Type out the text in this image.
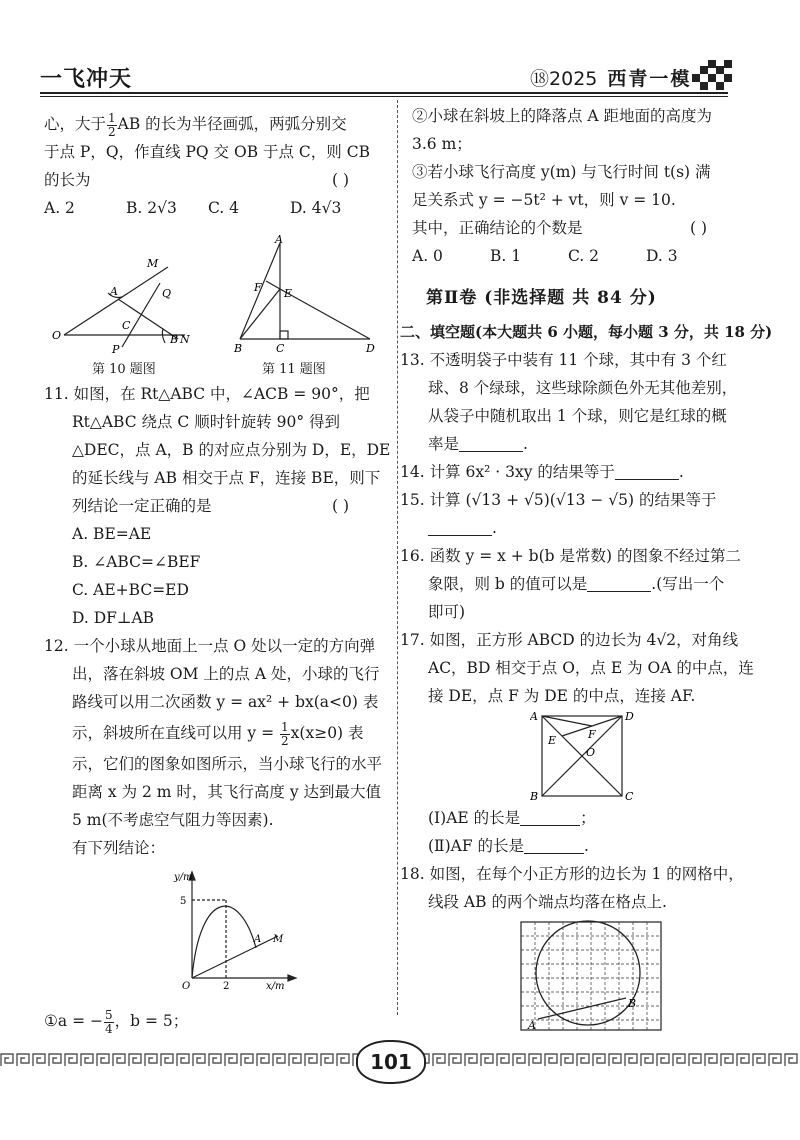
一飞冲天	⑱2025 西青一模
心，大于 $\frac{1}{2}$ AB 的长为半径画弧，两弧分别交
于点 P，Q，作直线 PQ 交 OB 于点 C，则 CB
的长为	( )
A. 2	B. 2√3	C. 4	D. 4√3
M
A	Q
O
C
B N
P
第 10 题图
A
F E
B	C	D
第 11 题图
11. 如图，在 Rt△ABC 中，∠ACB = 90°，把
Rt△ABC 绕点 C 顺时针旋转 90° 得到
△DEC，点 A，B 的对应点分别为 D，E，DE
的延长线与 AB 相交于点 F，连接 BE，则下
列结论一定正确的是	( )
A. BE=AE
B. ∠ABC=∠BEF
C. AE+BC=ED
D. DF⊥AB
12. 一个小球从地面上一点 O 处以一定的方向弹
出，落在斜坡 OM 上的点 A 处，小球的飞行
路线可以用二次函数 y = ax² + bx(a<0) 表
示，斜坡所在直线可以用 $y = \frac{1}{2} x(x\ge 0)$ 表
示，它们的图象如图所示，当小球飞行的水平
距离 x 为 2 m 时，其飞行高度 y 达到最大值
5 m(不考虑空气阻力等因素).
有下列结论：
y/m
5
O	2	x/m
A M
①a = − $\frac{5}{4}$ ，b = 5；
②小球在斜坡上的降落点 A 距地面的高度为
3.6 m；
③若小球飞行高度 y(m) 与飞行时间 t(s) 满
足关系式 y = −5t² + vt，则 v = 10.
其中，正确结论的个数是	( )
A. 0	B. 1	C. 2	D. 3
第Ⅱ卷 (非选择题 共 84 分)
二、填空题(本大题共 6 小题，每小题 3 分，共 18 分)
13. 不透明袋子中装有 11 个球，其中有 3 个红
球、8 个绿球，这些球除颜色外无其他差别，
从袋子中随机取出 1 个球，则它是红球的概
率是	.
14. 计算 6x² · 3xy 的结果等于	.
15. 计算 (√13 + √5)(√13 − √5) 的结果等于
.
16. 函数 y = x + b(b 是常数) 的图象不经过第二
象限，则 b 的值可以是	.(写出一个
即可)
17. 如图，正方形 ABCD 的边长为 4√2，对角线
AC，BD 相交于点 O，点 E 为 OA 的中点，连
接 DE，点 F 为 DE 的中点，连接 AF.
A	D
E	F
O
B	C
(Ⅰ)AE 的长是	；
(Ⅱ)AF 的长是	.
18. 如图，在每个小正方形的边长为 1 的网格中，
线段 AB 的两个端点均落在格点上.
A
B
101
